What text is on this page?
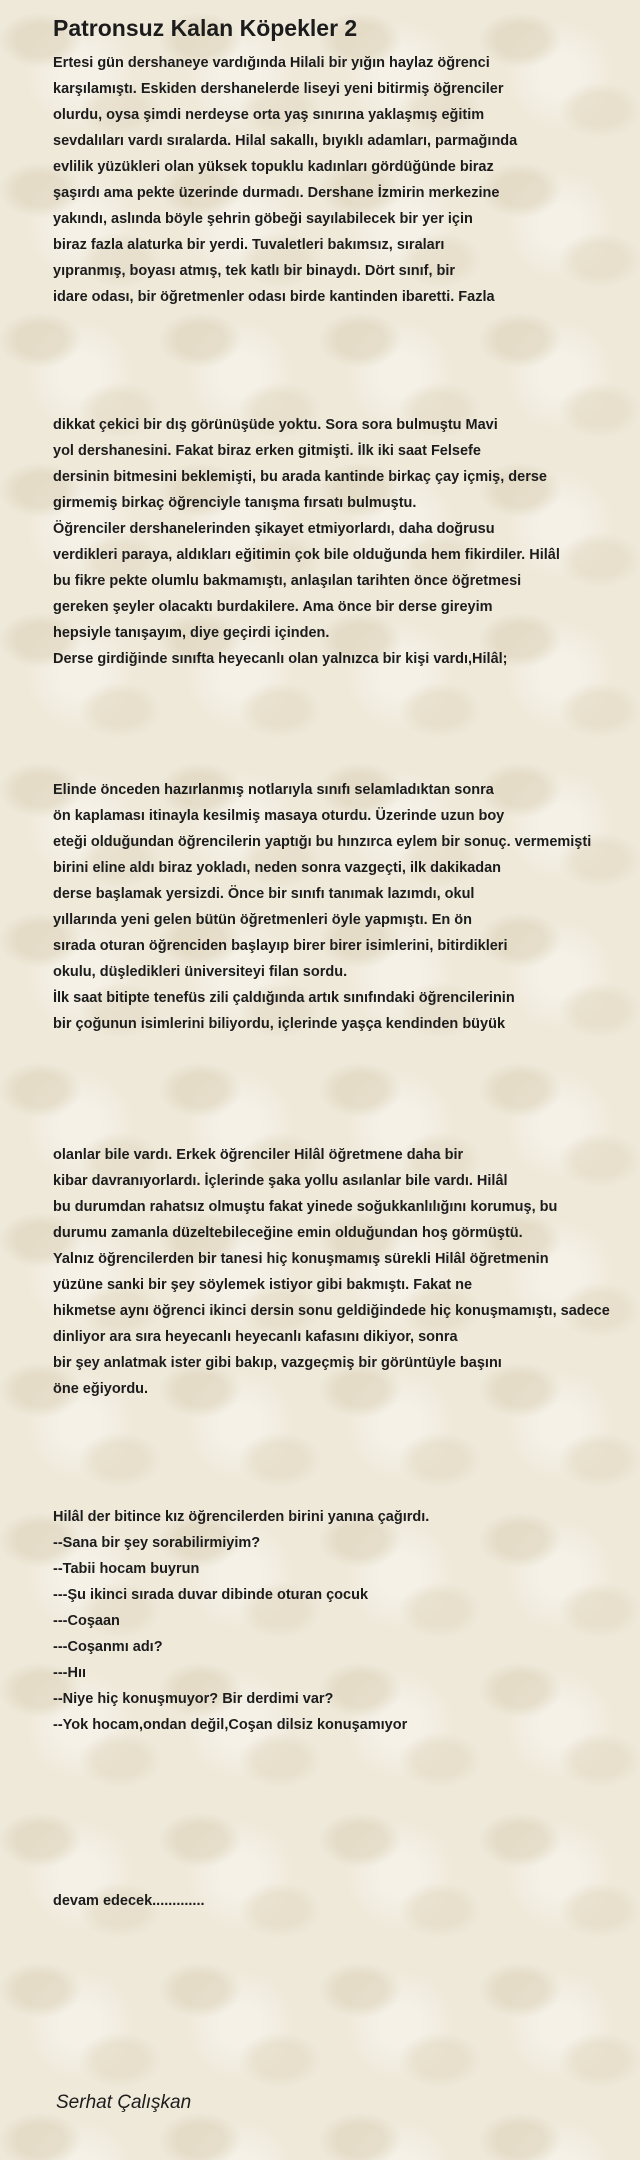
Patronsuz Kalan Köpekler 2
Ertesi gün dershaneye vardığında Hilali bir yığın haylaz öğrenci
karşılamıştı. Eskiden dershanelerde liseyi yeni bitirmiş öğrenciler
olurdu, oysa şimdi nerdeyse orta yaş sınırına yaklaşmış eğitim
sevdalıları vardı sıralarda. Hilal sakallı, bıyıklı adamları, parmağında
evlilik yüzükleri olan yüksek topuklu kadınları gördüğünde biraz
şaşırdı ama pekte üzerinde durmadı. Dershane İzmirin merkezine
yakındı, aslında böyle şehrin göbeği sayılabilecek bir yer için
biraz fazla alaturka bir yerdi. Tuvaletleri bakımsız, sıraları
yıpranmış, boyası atmış, tek katlı bir binaydı. Dört sınıf, bir
idare odası, bir öğretmenler odası birde kantinden ibaretti. Fazla
dikkat çekici bir dış görünüşüde yoktu. Sora sora bulmuştu Mavi
yol dershanesini. Fakat biraz erken gitmişti. İlk iki saat Felsefe
dersinin bitmesini beklemişti, bu arada kantinde birkaç çay içmiş, derse
girmemiş birkaç öğrenciyle tanışma fırsatı bulmuştu.
Öğrenciler dershanelerinden şikayet etmiyorlardı, daha doğrusu
verdikleri paraya, aldıkları eğitimin çok bile olduğunda hem fikirdiler. Hilâl
bu fikre pekte olumlu bakmamıştı, anlaşılan tarihten önce öğretmesi
gereken şeyler olacaktı burdakilere. Ama önce bir derse gireyim
hepsiyle tanışayım, diye geçirdi içinden.
Derse girdiğinde sınıfta heyecanlı olan yalnızca bir kişi vardı,Hilâl;
Elinde önceden hazırlanmış notlarıyla sınıfı selamladıktan sonra
ön kaplaması itinayla kesilmiş masaya oturdu. Üzerinde uzun boy
eteği olduğundan öğrencilerin yaptığı bu hınzırca eylem bir sonuç. vermemişti
birini eline aldı biraz yokladı, neden sonra vazgeçti, ilk dakikadan
derse başlamak yersizdi. Önce bir sınıfı tanımak lazımdı, okul
yıllarında yeni gelen bütün öğretmenleri öyle yapmıştı. En ön
sırada oturan öğrenciden başlayıp birer birer isimlerini, bitirdikleri
okulu, düşledikleri üniversiteyi filan sordu.
İlk saat bitipte tenefüs zili çaldığında artık sınıfındaki öğrencilerinin
bir çoğunun isimlerini biliyordu, içlerinde yaşça kendinden büyük
olanlar bile vardı. Erkek öğrenciler Hilâl öğretmene daha bir
kibar davranıyorlardı. İçlerinde şaka yollu asılanlar bile vardı. Hilâl
bu durumdan rahatsız olmuştu fakat yinede soğukkanlılığını korumuş, bu
durumu zamanla düzeltebileceğine emin olduğundan hoş görmüştü.
Yalnız öğrencilerden bir tanesi hiç konuşmamış sürekli Hilâl öğretmenin
yüzüne sanki bir şey söylemek istiyor gibi bakmıştı. Fakat ne
hikmetse aynı öğrenci ikinci dersin sonu geldiğindede hiç konuşmamıştı, sadece
dinliyor ara sıra heyecanlı heyecanlı kafasını dikiyor, sonra
bir şey anlatmak ister gibi bakıp, vazgeçmiş bir görüntüyle başını
öne eğiyordu.
Hilâl der bitince kız öğrencilerden birini yanına çağırdı.
--Sana bir şey sorabilirmiyim?
--Tabii hocam buyrun
---Şu ikinci sırada duvar dibinde oturan çocuk
---Coşaan
---Coşanmı adı?
---Hıı
--Niye hiç konuşmuyor? Bir derdimi var?
--Yok hocam,ondan değil,Coşan dilsiz konuşamıyor
devam edecek.............
Serhat Çalışkan
